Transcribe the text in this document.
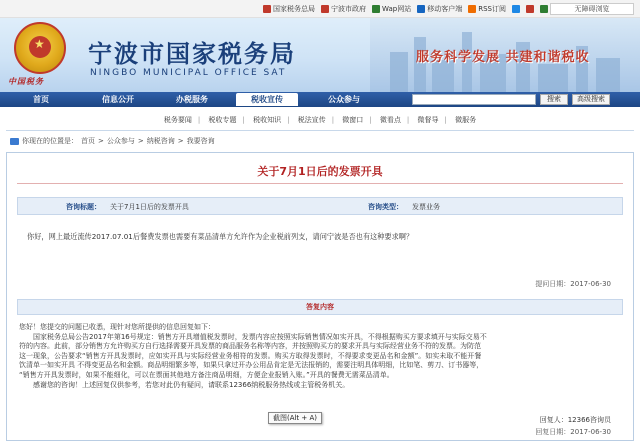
国家税务总局 宁波市政府 Wap网站 移动客户端 RSS订阅	无障碍浏览
★
中国税务
宁波市国家税务局
NINGBO MUNICIPAL OFFICE SAT
服务科学发展 共建和谐税收
首页	信息公开	办税服务	税收宣传	公众参与	搜索	高级搜索
税务要闻 | 税收专题 | 税收知识 | 税法宣传 | 微窗口 | 微看点 | 微督导 | 微服务
你现在的位置是： 首页 > 公众参与 > 纳税咨询 > 我要咨询
关于7月1日后的发票开具
咨询标题： 关于7月1日后的发票开具	咨询类型： 发票业务
你好，网上最近流传2017.07.01后餐费发票也需要有菜品清单方允许作为企业税前列支，请问宁波是否也有这种要求啊？
提问日期：2017-06-30
答复内容

您好！您提交的问题已收悉，现针对您所提供的信息回复如下：

国家税务总局公告2017年第16号规定：销售方开具增值税发票时，发票内容应按照实际销售情况如实开具，不得根据购买方要求填开与实际交易不

符的内容。此前，部分销售方允许购买方自行选择需要开具发票的商品服务名称等内容，并按照购买方的要求开具与实际经营业务不符的发票。为防范

这一现象，公告要求“销售方开具发票时，应如实开具与实际经营业务相符的发票。购买方取得发票时，不得要求变更品名和金额”。如实未取不能开餐

饮清单一如实开具 不得变更品名和金额。商品明细繁多等，如果只拿过开办公用品肯定是无法报销的，需要注明具体明细，比如笔、剪刀、订书器等，

“销售方开具发票时，如果不能细化，可以在票面其他地方备注商品明细，方便企业报销入账。”开具的餐费无需菜品清单。

感谢您的咨询！上述回复仅供参考，若您对此仍有疑问，请联系12366纳税服务热线或主管税务机关。

回复人：12366咨询员
回复日期：2017-06-30
截图(Alt + A)
